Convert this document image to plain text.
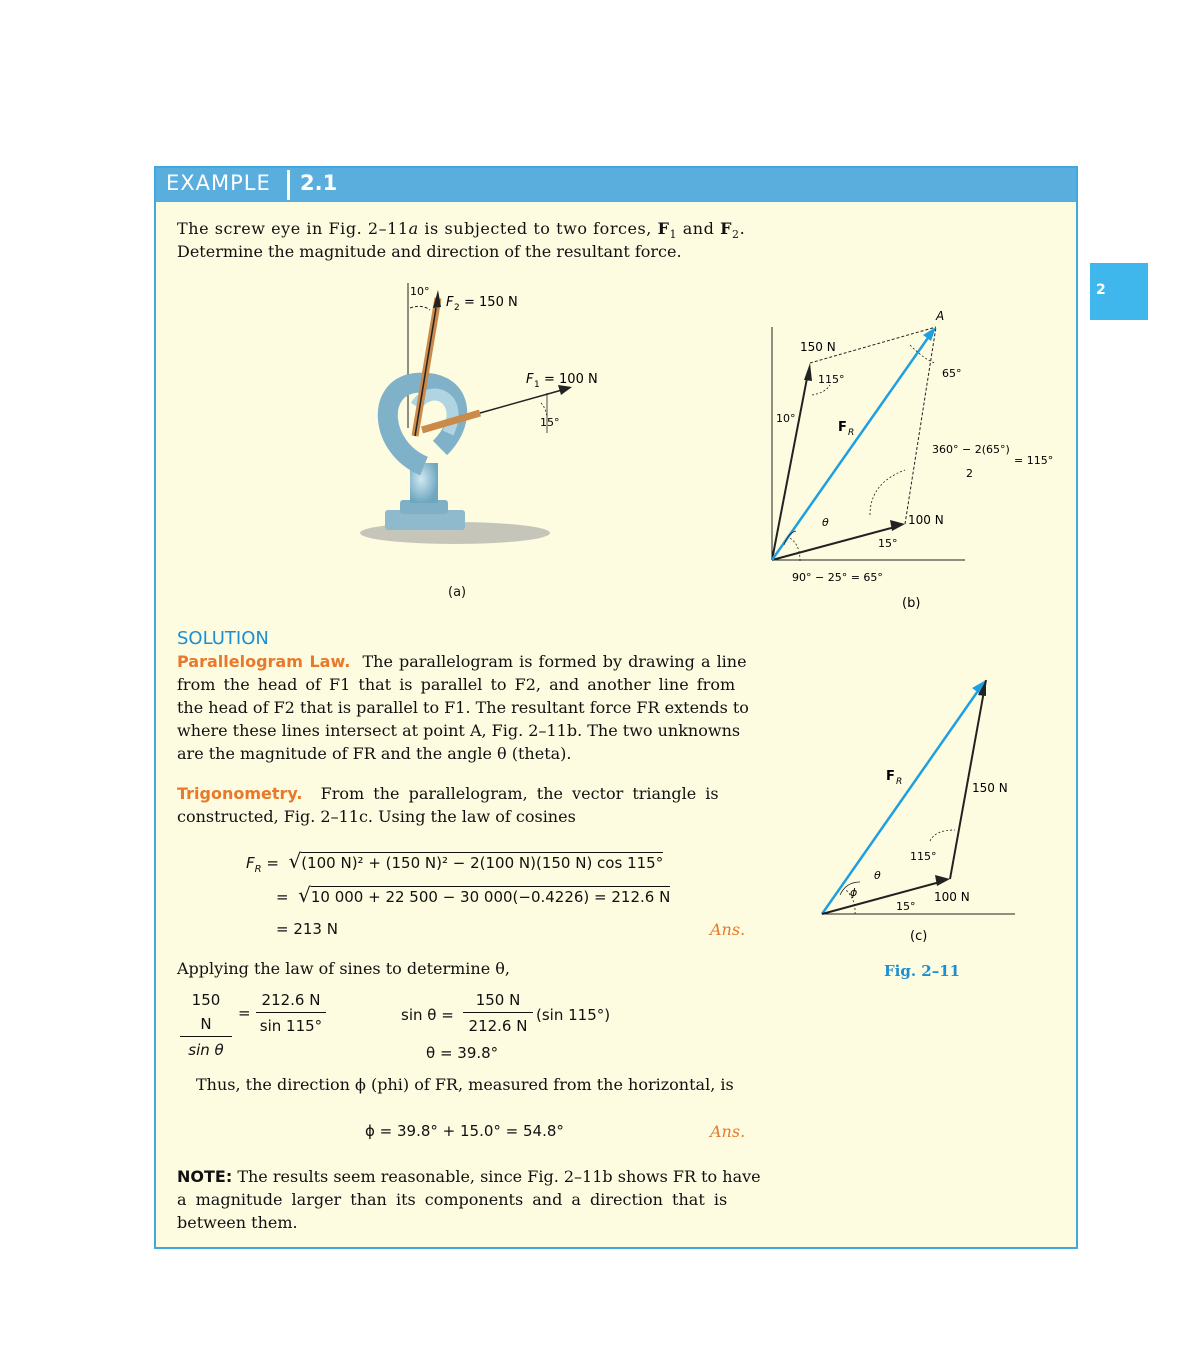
EXAMPLE 2.1
2
The screw eye in Fig. 2–11a is subjected to two forces, $F_1$ and $F_2$.
Determine the magnitude and direction of the resultant force.
10°
F 2 = 150 N
F 1 = 100 N
15°
(a)
150 N
115°
10°
F R
A
65°
360° − 2(65°)
= 115°
2
θ	100 N
15°
90° − 25° = 65°
(b)
F R	150 N
115°
θ
ϕ	100 N
15°
(c)
Fig. 2–11
SOLUTION
Parallelogram Law. The parallelogram is formed by drawing a line
from the head of F1 that is parallel to F2, and another line from
the head of F2 that is parallel to F1. The resultant force FR extends to
where these lines intersect at point A, Fig. 2–11b. The two unknowns
are the magnitude of FR and the angle θ (theta).
Trigonometry. From the parallelogram, the vector triangle is
constructed, Fig. 2–11c. Using the law of cosines
$F_R = √(100$ N)² + (150 N)² − 2(100 N)(150 N) cos 115°
=  √10 000 + 22 500 − 30 000(−0.4226) = 212.6 N
= 213 N	Ans.
Applying the law of sines to determine θ,
$\frac{150 N}{\text{sin θ}} = \frac{212.6 N}{\sin 115^\circ}$	$\sin \theta = \frac{150 N}{212.6 N} (\sin$ 115°)
θ = 39.8°
Thus, the direction ϕ (phi) of FR, measured from the horizontal, is
ϕ = 39.8° + 15.0° = 54.8°	Ans.
NOTE: The results seem reasonable, since Fig. 2–11b shows FR to have
a magnitude larger than its components and a direction that is
between them.
